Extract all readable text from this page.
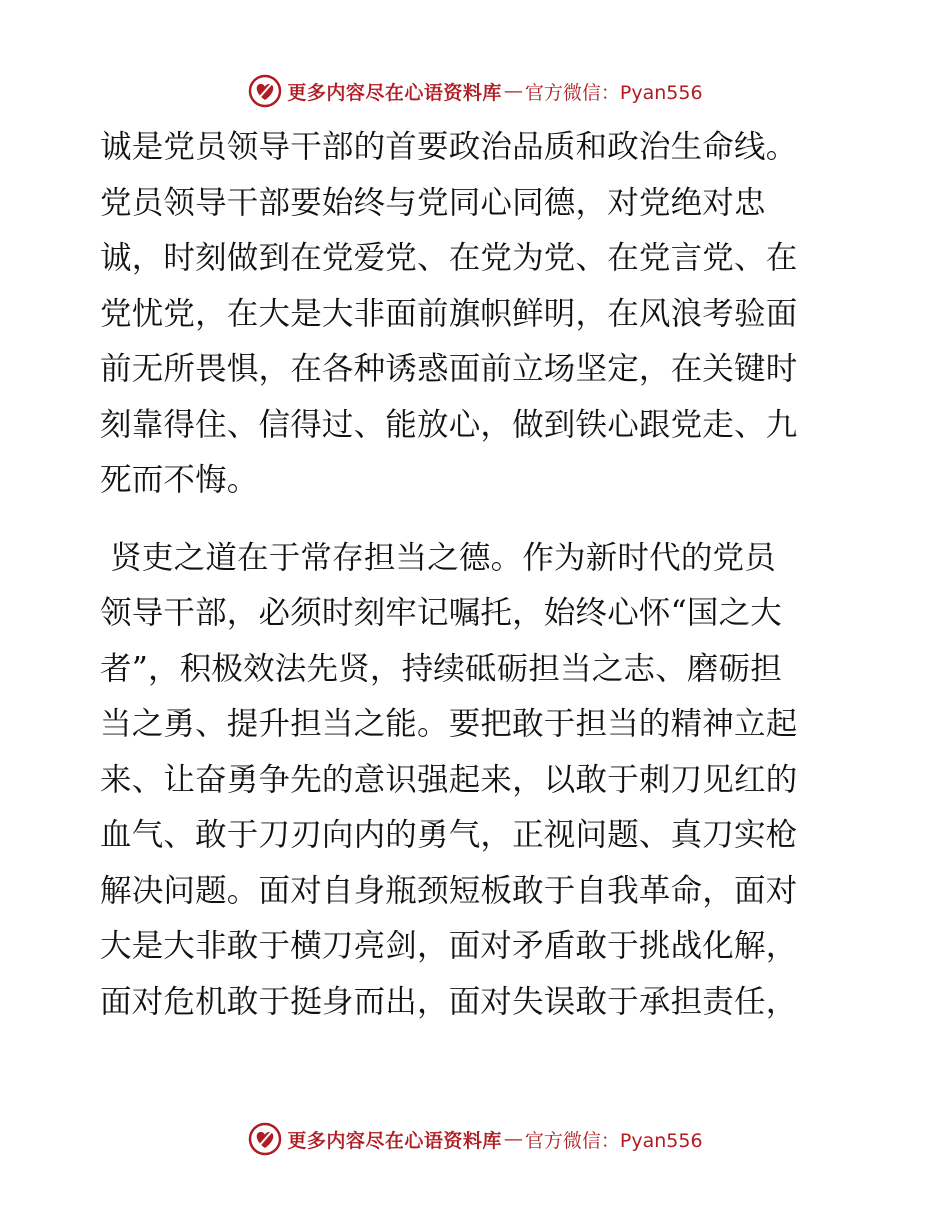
更多内容尽在心语资料库 — 官方微信：Pyan556
诚是党员领导干部的首要政治品质和政治生命线。
党员领导干部要始终与党同心同德，对党绝对忠
诚，时刻做到在党爱党、在党为党、在党言党、在
党忧党，在大是大非面前旗帜鲜明，在风浪考验面
前无所畏惧，在各种诱惑面前立场坚定，在关键时
刻靠得住、信得过、能放心，做到铁心跟党走、九
死而不悔。
贤吏之道在于常存担当之德。作为新时代的党员
领导干部，必须时刻牢记嘱托，始终心怀“国之大
者”，积极效法先贤，持续砥砺担当之志、磨砺担
当之勇、提升担当之能。要把敢于担当的精神立起
来、让奋勇争先的意识强起来，以敢于刺刀见红的
血气、敢于刀刃向内的勇气，正视问题、真刀实枪
解决问题。面对自身瓶颈短板敢于自我革命，面对
大是大非敢于横刀亮剑，面对矛盾敢于挑战化解，
面对危机敢于挺身而出，面对失误敢于承担责任，
更多内容尽在心语资料库 — 官方微信：Pyan556
